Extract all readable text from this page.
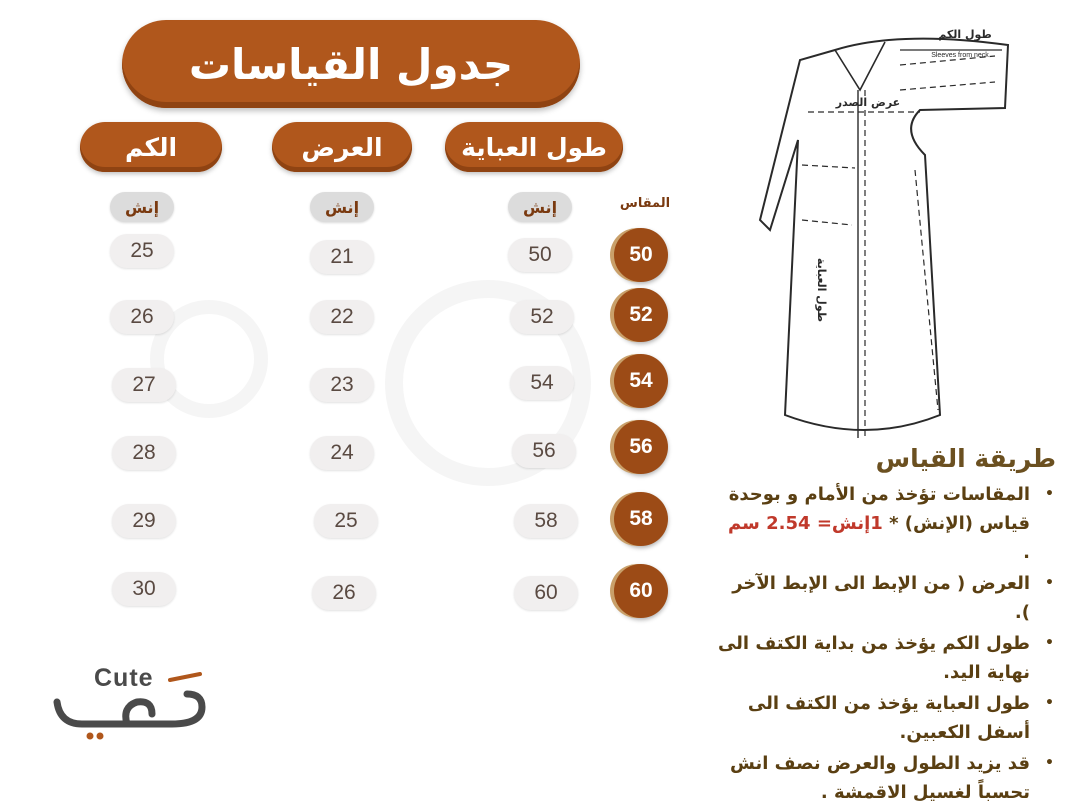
جدول القياسات
طول العباية
العرض
الكم
إنش
إنش
إنش	المقاس
50
50
21
25
52
52
22
26
54
54
23
27
56
56
24
28
58
58
25
29
60
60
26
30
طول الكم
Sleeves from neck
عرض الصدر
طول العباية
طريقة القياس
• المقاسات تؤخذ من الأمام و بوحدة قياس (الإنش) * 1إنش= 2.54 سم .
• العرض ( من الإبط الى الإبط الآخر ).
• طول الكم يؤخذ من بداية الكتف الى نهاية اليد.
• طول العباية يؤخذ من الكتف الى أسفل الكعبين.
• قد يزيد الطول والعرض نصف انش تحسباً لغسيل الاقمشة .
Cute
كيوت
